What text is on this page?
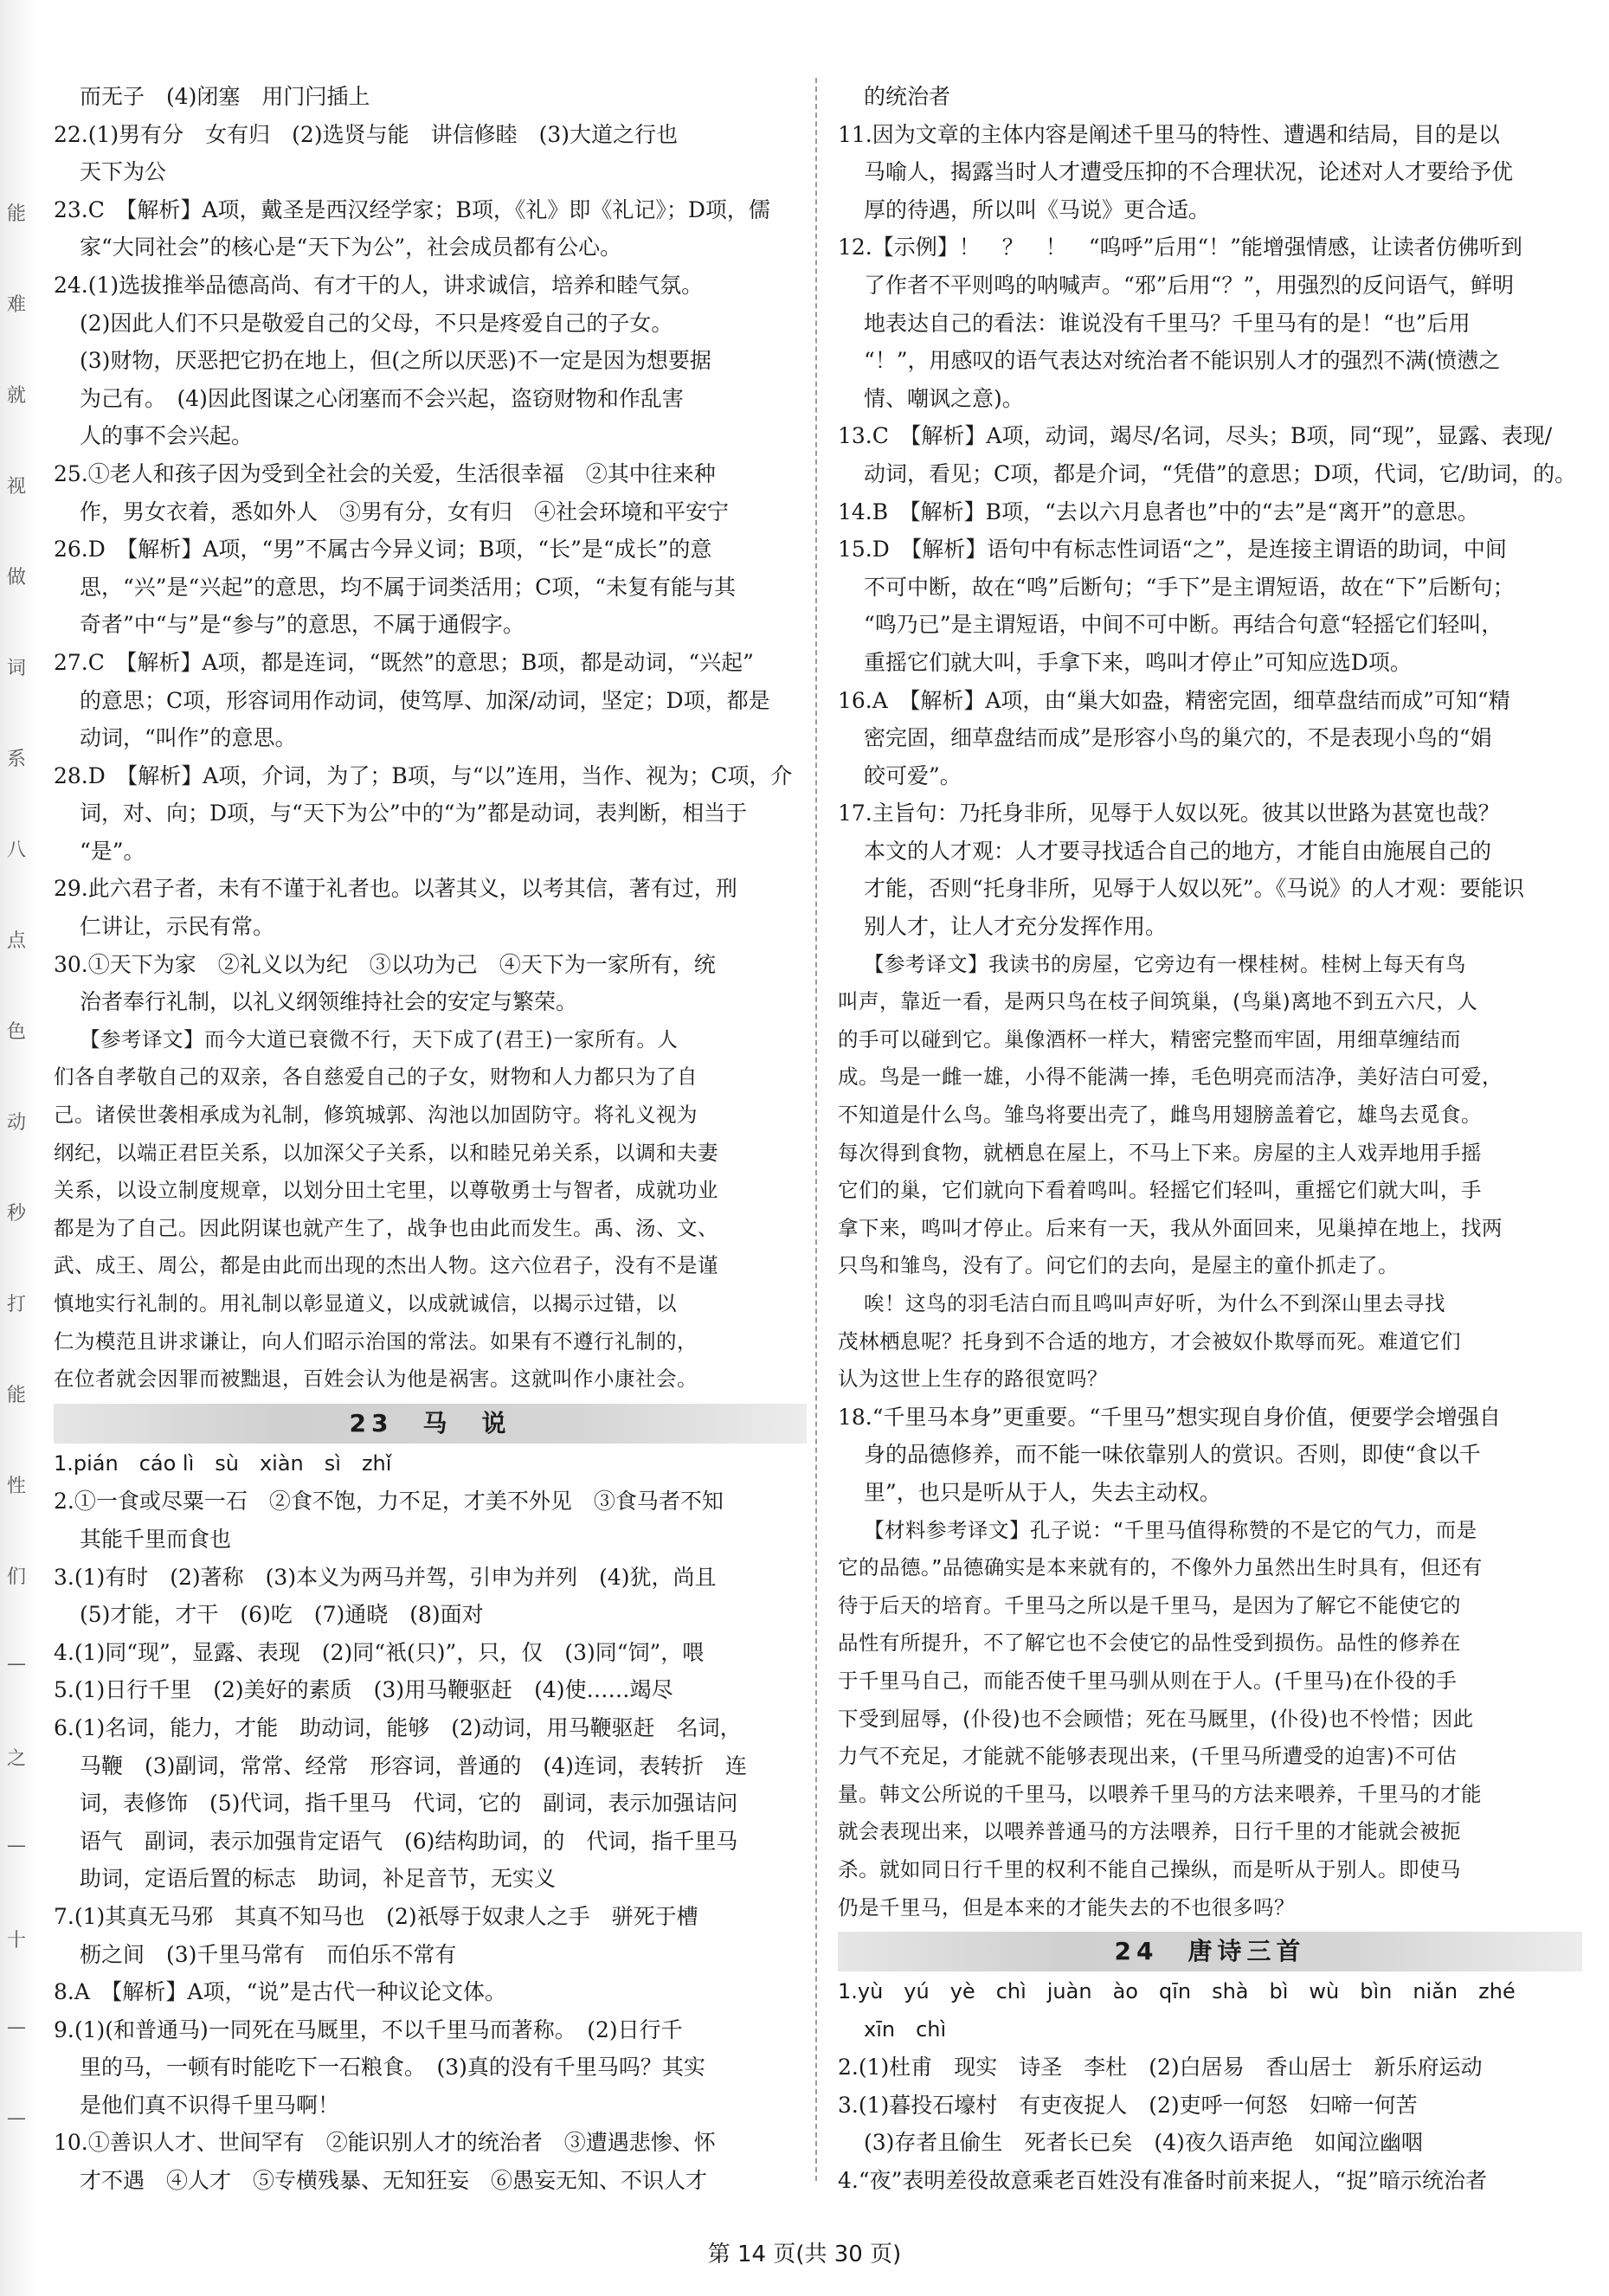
能
难
就
视
做
词
系
八
点
色
动
秒
打
能
性
们
—
之
—
十
—
—
而无子　(4)闭塞　用门闩插上
22.(1)男有分　女有归　(2)选贤与能　讲信修睦　(3)大道之行也
天下为公
23.C　【解析】A项，戴圣是西汉经学家；B项，《礼》即《礼记》；D项，儒
家“大同社会”的核心是“天下为公”，社会成员都有公心。
24.(1)选拔推举品德高尚、有才干的人，讲求诚信，培养和睦气氛。
(2)因此人们不只是敬爱自己的父母，不只是疼爱自己的子女。
(3)财物，厌恶把它扔在地上，但(之所以厌恶)不一定是因为想要据
为己有。　(4)因此图谋之心闭塞而不会兴起，盗窃财物和作乱害
人的事不会兴起。
25.①老人和孩子因为受到全社会的关爱，生活很幸福　②其中往来种
作，男女衣着，悉如外人　③男有分，女有归　④社会环境和平安宁
26.D　【解析】A项，“男”不属古今异义词；B项，“长”是“成长”的意
思，“兴”是“兴起”的意思，均不属于词类活用；C项，“未复有能与其
奇者”中“与”是“参与”的意思，不属于通假字。
27.C　【解析】A项，都是连词，“既然”的意思；B项，都是动词，“兴起”
的意思；C项，形容词用作动词，使笃厚、加深/动词，坚定；D项，都是
动词，“叫作”的意思。
28.D　【解析】A项，介词，为了；B项，与“以”连用，当作、视为；C项，介
词，对、向；D项，与“天下为公”中的“为”都是动词，表判断，相当于
“是”。
29.此六君子者，未有不谨于礼者也。以著其义，以考其信，著有过，刑
仁讲让，示民有常。
30.①天下为家　②礼义以为纪　③以功为己　④天下为一家所有，统
治者奉行礼制，以礼义纲领维持社会的安定与繁荣。
【参考译文】而今大道已衰微不行，天下成了(君王)一家所有。人
们各自孝敬自己的双亲，各自慈爱自己的子女，财物和人力都只为了自
己。诸侯世袭相承成为礼制，修筑城郭、沟池以加固防守。将礼义视为
纲纪，以端正君臣关系，以加深父子关系，以和睦兄弟关系，以调和夫妻
关系，以设立制度规章，以划分田土宅里，以尊敬勇士与智者，成就功业
都是为了自己。因此阴谋也就产生了，战争也由此而发生。禹、汤、文、
武、成王、周公，都是由此而出现的杰出人物。这六位君子，没有不是谨
慎地实行礼制的。用礼制以彰显道义，以成就诚信，以揭示过错，以
仁为模范且讲求谦让，向人们昭示治国的常法。如果有不遵行礼制的，
在位者就会因罪而被黜退，百姓会认为他是祸害。这就叫作小康社会。
23　马　说
1.pián　cáo lì　sù　xiàn　sì　zhǐ
2.①一食或尽粟一石　②食不饱，力不足，才美不外见　③食马者不知
其能千里而食也
3.(1)有时　(2)著称　(3)本义为两马并驾，引申为并列　(4)犹，尚且
(5)才能，才干　(6)吃　(7)通晓　(8)面对
4.(1)同“现”，显露、表现　(2)同“衹(只)”，只，仅　(3)同“饲”，喂
5.(1)日行千里　(2)美好的素质　(3)用马鞭驱赶　(4)使……竭尽
6.(1)名词，能力，才能　助动词，能够　(2)动词，用马鞭驱赶　名词，
马鞭　(3)副词，常常、经常　形容词，普通的　(4)连词，表转折　连
词，表修饰　(5)代词，指千里马　代词，它的　副词，表示加强诘问
语气　副词，表示加强肯定语气　(6)结构助词，的　代词，指千里马
助词，定语后置的标志　助词，补足音节，无实义
7.(1)其真无马邪　其真不知马也　(2)祇辱于奴隶人之手　骈死于槽
枥之间　(3)千里马常有　而伯乐不常有
8.A　【解析】A项，“说”是古代一种议论文体。
9.(1)(和普通马)一同死在马厩里，不以千里马而著称。　(2)日行千
里的马，一顿有时能吃下一石粮食。　(3)真的没有千里马吗？其实
是他们真不识得千里马啊！
10.①善识人才、世间罕有　②能识别人才的统治者　③遭遇悲惨、怀
才不遇　④人才　⑤专横残暴、无知狂妄　⑥愚妄无知、不识人才
的统治者
11.因为文章的主体内容是阐述千里马的特性、遭遇和结局，目的是以
马喻人，揭露当时人才遭受压抑的不合理状况，论述对人才要给予优
厚的待遇，所以叫《马说》更合适。
12.【示例】！　？　！　“呜呼”后用“！”能增强情感，让读者仿佛听到
了作者不平则鸣的呐喊声。“邪”后用“？”，用强烈的反问语气，鲜明
地表达自己的看法：谁说没有千里马？千里马有的是！“也”后用
“！”，用感叹的语气表达对统治者不能识别人才的强烈不满(愤懑之
情、嘲讽之意)。
13.C　【解析】A项，动词，竭尽/名词，尽头；B项，同“现”，显露、表现/
动词，看见；C项，都是介词，“凭借”的意思；D项，代词，它/助词，的。
14.B　【解析】B项，“去以六月息者也”中的“去”是“离开”的意思。
15.D　【解析】语句中有标志性词语“之”，是连接主谓语的助词，中间
不可中断，故在“鸣”后断句；“手下”是主谓短语，故在“下”后断句；
“鸣乃已”是主谓短语，中间不可中断。再结合句意“轻摇它们轻叫，
重摇它们就大叫，手拿下来，鸣叫才停止”可知应选D项。
16.A　【解析】A项，由“巢大如盎，精密完固，细草盘结而成”可知“精
密完固，细草盘结而成”是形容小鸟的巢穴的，不是表现小鸟的“娟
皎可爱”。
17.主旨句：乃托身非所，见辱于人奴以死。彼其以世路为甚宽也哉？
本文的人才观：人才要寻找适合自己的地方，才能自由施展自己的
才能，否则“托身非所，见辱于人奴以死”。《马说》的人才观：要能识
别人才，让人才充分发挥作用。
【参考译文】我读书的房屋，它旁边有一棵桂树。桂树上每天有鸟
叫声，靠近一看，是两只鸟在枝子间筑巢，(鸟巢)离地不到五六尺，人
的手可以碰到它。巢像酒杯一样大，精密完整而牢固，用细草缠结而
成。鸟是一雌一雄，小得不能满一捧，毛色明亮而洁净，美好洁白可爱，
不知道是什么鸟。雏鸟将要出壳了，雌鸟用翅膀盖着它，雄鸟去觅食。
每次得到食物，就栖息在屋上，不马上下来。房屋的主人戏弄地用手摇
它们的巢，它们就向下看着鸣叫。轻摇它们轻叫，重摇它们就大叫，手
拿下来，鸣叫才停止。后来有一天，我从外面回来，见巢掉在地上，找两
只鸟和雏鸟，没有了。问它们的去向，是屋主的童仆抓走了。
唉！这鸟的羽毛洁白而且鸣叫声好听，为什么不到深山里去寻找
茂林栖息呢？托身到不合适的地方，才会被奴仆欺辱而死。难道它们
认为这世上生存的路很宽吗？
18.“千里马本身”更重要。“千里马”想实现自身价值，便要学会增强自
身的品德修养，而不能一味依靠别人的赏识。否则，即使“食以千
里”，也只是听从于人，失去主动权。
【材料参考译文】孔子说：“千里马值得称赞的不是它的气力，而是
它的品德。”品德确实是本来就有的，不像外力虽然出生时具有，但还有
待于后天的培育。千里马之所以是千里马，是因为了解它不能使它的
品性有所提升，不了解它也不会使它的品性受到损伤。品性的修养在
于千里马自己，而能否使千里马驯从则在于人。(千里马)在仆役的手
下受到屈辱，(仆役)也不会顾惜；死在马厩里，(仆役)也不怜惜；因此
力气不充足，才能就不能够表现出来，(千里马所遭受的迫害)不可估
量。韩文公所说的千里马，以喂养千里马的方法来喂养，千里马的才能
就会表现出来，以喂养普通马的方法喂养，日行千里的才能就会被扼
杀。就如同日行千里的权利不能自己操纵，而是听从于别人。即使马
仍是千里马，但是本来的才能失去的不也很多吗？
24　唐诗三首
1.yù　yú　yè　chì　juàn　ào　qīn　shà　bì　wù　bìn　niǎn　zhé
xīn　chì
2.(1)杜甫　现实　诗圣　李杜　(2)白居易　香山居士　新乐府运动
3.(1)暮投石壕村　有吏夜捉人　(2)吏呼一何怒　妇啼一何苦
(3)存者且偷生　死者长已矣　(4)夜久语声绝　如闻泣幽咽
4.“夜”表明差役故意乘老百姓没有准备时前来捉人，“捉”暗示统治者
第 14 页(共 30 页)
